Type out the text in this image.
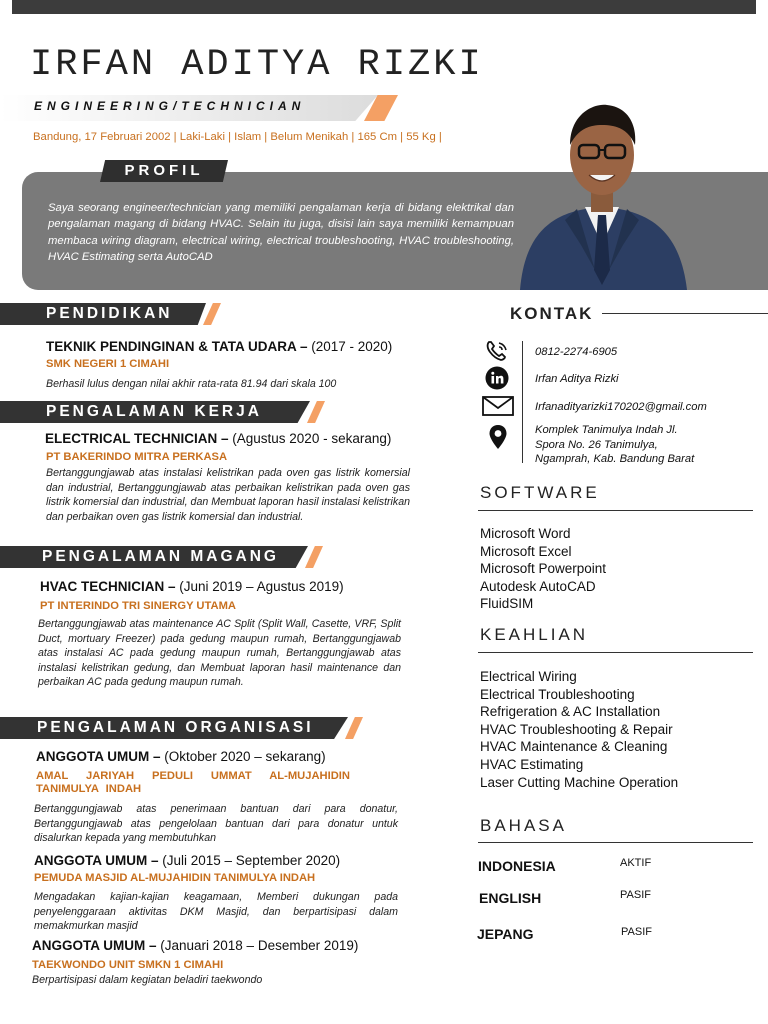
IRFAN ADITYA RIZKI
ENGINEERING/TECHNICIAN
Bandung, 17 Februari 2002 | Laki-Laki | Islam | Belum Menikah | 165 Cm | 55 Kg |
PROFIL
Saya seorang engineer/technician yang memiliki pengalaman kerja di bidang elektrikal dan pengalaman magang di bidang HVAC. Selain itu juga, disisi lain saya memiliki kemampuan membaca wiring diagram, electrical wiring, electrical troubleshooting, HVAC troubleshooting, HVAC Estimating serta AutoCAD
PENDIDIKAN
TEKNIK PENDINGINAN & TATA UDARA – (2017 - 2020)
SMK NEGERI 1 CIMAHI
Berhasil lulus dengan nilai akhir rata-rata 81.94 dari skala 100
PENGALAMAN KERJA
ELECTRICAL TECHNICIAN – (Agustus 2020 - sekarang)
PT BAKERINDO MITRA PERKASA
Bertanggungjawab atas instalasi kelistrikan pada oven gas listrik komersial dan industrial, Bertanggungjawab atas perbaikan kelistrikan pada oven gas listrik komersial dan industrial, dan Membuat laporan hasil instalasi kelistrikan dan perbaikan oven gas listrik komersial dan industrial.
PENGALAMAN MAGANG
HVAC TECHNICIAN – (Juni 2019 – Agustus 2019)
PT INTERINDO TRI SINERGY UTAMA
Bertanggungjawab atas maintenance AC Split (Split Wall, Casette, VRF, Split Duct, mortuary Freezer) pada gedung maupun rumah, Bertanggungjawab atas instalasi AC pada gedung maupun rumah, Bertanggungjawab atas instalasi kelistrikan gedung, dan Membuat laporan hasil maintenance dan perbaikan AC pada gedung maupun rumah.
PENGALAMAN ORGANISASI
ANGGOTA UMUM – (Oktober 2020 – sekarang)
AMAL JARIYAH PEDULI UMMAT AL-MUJAHIDIN TANIMULYA INDAH
Bertanggungjawab atas penerimaan bantuan dari para donatur, Bertanggungjawab atas pengelolaan bantuan dari para donatur untuk disalurkan kepada yang membutuhkan
ANGGOTA UMUM – (Juli 2015 – September 2020)
PEMUDA MASJID AL-MUJAHIDIN TANIMULYA INDAH
Mengadakan kajian-kajian keagamaan, Memberi dukungan pada penyelenggaraan aktivitas DKM Masjid, dan berpartisipasi dalam memakmurkan masjid
ANGGOTA UMUM – (Januari 2018 – Desember 2019)
TAEKWONDO UNIT SMKN 1 CIMAHI
Berpartisipasi dalam kegiatan beladiri taekwondo
KONTAK
0812-2274-6905
Irfan Aditya Rizki
Irfanadityarizki170202@gmail.com
Komplek Tanimulya Indah Jl.
Spora No. 26 Tanimulya,
Ngamprah, Kab. Bandung Barat
SOFTWARE
Microsoft Word
Microsoft Excel
Microsoft Powerpoint
Autodesk AutoCAD
FluidSIM
KEAHLIAN
Electrical Wiring
Electrical Troubleshooting
Refrigeration & AC Installation
HVAC Troubleshooting & Repair
HVAC Maintenance & Cleaning
HVAC Estimating
Laser Cutting Machine Operation
BAHASA
INDONESIA	AKTIF
ENGLISH	PASIF
JEPANG	PASIF
